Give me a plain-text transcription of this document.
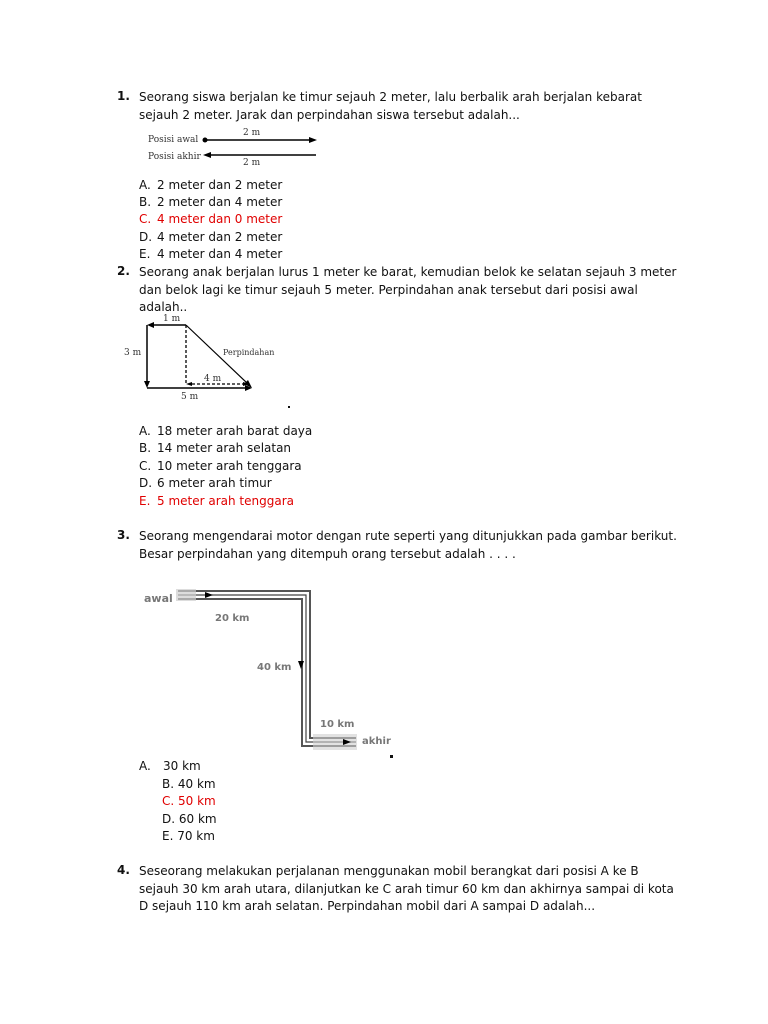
1. Seorang siswa berjalan ke timur sejauh 2 meter, lalu berbalik arah berjalan kebarat sejauh 2 meter. Jarak dan perpindahan siswa tersebut adalah...
Posisi awal
Posisi akhir
2 m
2 m
A. 2 meter dan 2 meter
B. 2 meter dan 4 meter
C. 4 meter dan 0 meter
D. 4 meter dan 2 meter
E. 4 meter dan 4 meter
2. Seorang anak berjalan lurus 1 meter ke barat, kemudian belok ke selatan sejauh 3 meter dan belok lagi ke timur sejauh 5 meter. Perpindahan anak tersebut dari posisi awal adalah..
1 m
3 m	Perpindahan
4 m
5 m
A. 18 meter arah barat daya
B. 14 meter arah selatan
C. 10 meter arah tenggara
D. 6 meter arah timur
E. 5 meter arah tenggara
3. Seorang mengendarai motor dengan rute seperti yang ditunjukkan pada gambar berikut. Besar perpindahan yang ditempuh orang tersebut adalah . . . .
awal
20 km
40 km
10 km
akhir
A. 30 km
B. 40 km
C. 50 km
D. 60 km
E. 70 km
4. Seseorang melakukan perjalanan menggunakan mobil berangkat dari posisi A ke B sejauh 30 km arah utara, dilanjutkan ke C arah timur 60 km dan akhirnya sampai di kota D sejauh 110 km arah selatan. Perpindahan mobil dari A sampai D adalah...
